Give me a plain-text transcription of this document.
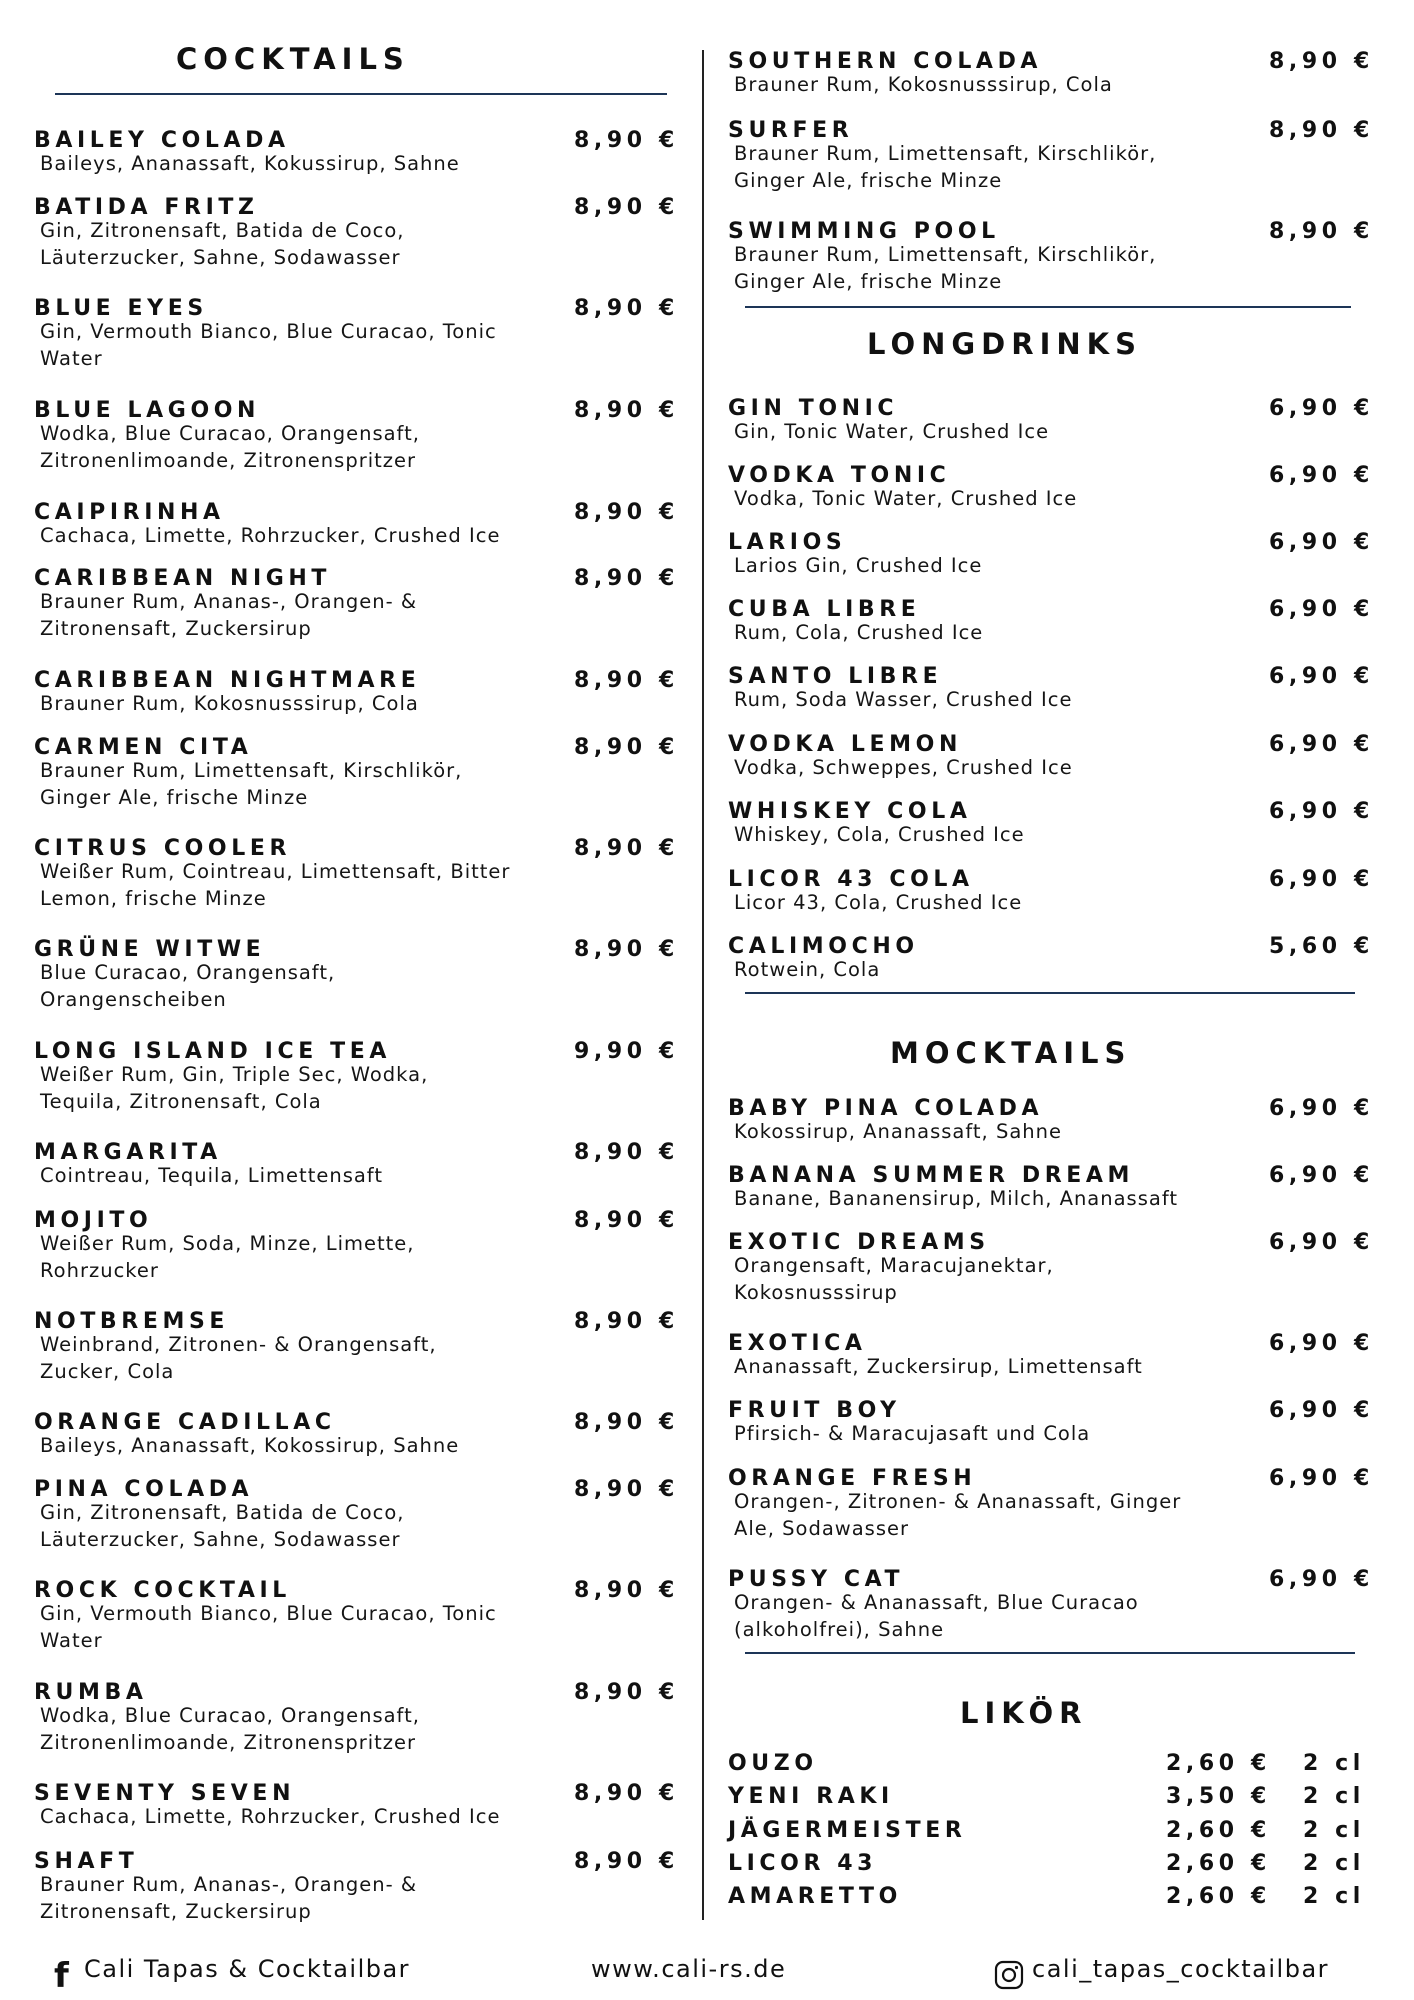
COCKTAILS
LONGDRINKS
MOCKTAILS
LIKÖR
BAILEY COLADA	8,90 €
Baileys, Ananassaft, Kokussirup, Sahne
BATIDA FRITZ	8,90 €
Gin, Zitronensaft, Batida de Coco,
Läuterzucker, Sahne, Sodawasser
BLUE EYES	8,90 €
Gin, Vermouth Bianco, Blue Curacao, Tonic
Water
BLUE LAGOON	8,90 €
Wodka, Blue Curacao, Orangensaft,
Zitronenlimoande, Zitronenspritzer
CAIPIRINHA	8,90 €
Cachaca, Limette, Rohrzucker, Crushed Ice
CARIBBEAN NIGHT	8,90 €
Brauner Rum, Ananas-, Orangen- &
Zitronensaft, Zuckersirup
CARIBBEAN NIGHTMARE	8,90 €
Brauner Rum, Kokosnusssirup, Cola
CARMEN CITA	8,90 €
Brauner Rum, Limettensaft, Kirschlikör,
Ginger Ale, frische Minze
CITRUS COOLER	8,90 €
Weißer Rum, Cointreau, Limettensaft, Bitter
Lemon, frische Minze
GRÜNE WITWE	8,90 €
Blue Curacao, Orangensaft,
Orangenscheiben
LONG ISLAND ICE TEA	9,90 €
Weißer Rum, Gin, Triple Sec, Wodka,
Tequila, Zitronensaft, Cola
MARGARITA	8,90 €
Cointreau, Tequila, Limettensaft
MOJITO	8,90 €
Weißer Rum, Soda, Minze, Limette,
Rohrzucker
NOTBREMSE	8,90 €
Weinbrand, Zitronen- & Orangensaft,
Zucker, Cola
ORANGE CADILLAC	8,90 €
Baileys, Ananassaft, Kokossirup, Sahne
PINA COLADA	8,90 €
Gin, Zitronensaft, Batida de Coco,
Läuterzucker, Sahne, Sodawasser
ROCK COCKTAIL	8,90 €
Gin, Vermouth Bianco, Blue Curacao, Tonic
Water
RUMBA	8,90 €
Wodka, Blue Curacao, Orangensaft,
Zitronenlimoande, Zitronenspritzer
SEVENTY SEVEN	8,90 €
Cachaca, Limette, Rohrzucker, Crushed Ice
SHAFT	8,90 €
Brauner Rum, Ananas-, Orangen- &
Zitronensaft, Zuckersirup
SOUTHERN COLADA	8,90 €
Brauner Rum, Kokosnusssirup, Cola
SURFER	8,90 €
Brauner Rum, Limettensaft, Kirschlikör,
Ginger Ale, frische Minze
SWIMMING POOL	8,90 €
Brauner Rum, Limettensaft, Kirschlikör,
Ginger Ale, frische Minze
GIN TONIC	6,90 €
Gin, Tonic Water, Crushed Ice
VODKA TONIC	6,90 €
Vodka, Tonic Water, Crushed Ice
LARIOS	6,90 €
Larios Gin, Crushed Ice
CUBA LIBRE	6,90 €
Rum, Cola, Crushed Ice
SANTO LIBRE	6,90 €
Rum, Soda Wasser, Crushed Ice
VODKA LEMON	6,90 €
Vodka, Schweppes, Crushed Ice
WHISKEY COLA	6,90 €
Whiskey, Cola, Crushed Ice
LICOR 43 COLA	6,90 €
Licor 43, Cola, Crushed Ice
CALIMOCHO	5,60 €
Rotwein, Cola
BABY PINA COLADA	6,90 €
Kokossirup, Ananassaft, Sahne
BANANA SUMMER DREAM	6,90 €
Banane, Bananensirup, Milch, Ananassaft
EXOTIC DREAMS	6,90 €
Orangensaft, Maracujanektar,
Kokosnusssirup
EXOTICA	6,90 €
Ananassaft, Zuckersirup, Limettensaft
FRUIT BOY	6,90 €
Pfirsich- & Maracujasaft und Cola
ORANGE FRESH	6,90 €
Orangen-, Zitronen- & Ananassaft, Ginger
Ale, Sodawasser
PUSSY CAT	6,90 €
Orangen- & Ananassaft, Blue Curacao
(alkoholfrei), Sahne
OUZO	2,60 € 2 cl
YENI RAKI	3,50 € 2 cl
JÄGERMEISTER	2,60 € 2 cl
LICOR 43	2,60 € 2 cl
AMARETTO	2,60 € 2 cl
f Cali Tapas & Cocktailbar	www.cali-rs.de	cali_tapas_cocktailbar
